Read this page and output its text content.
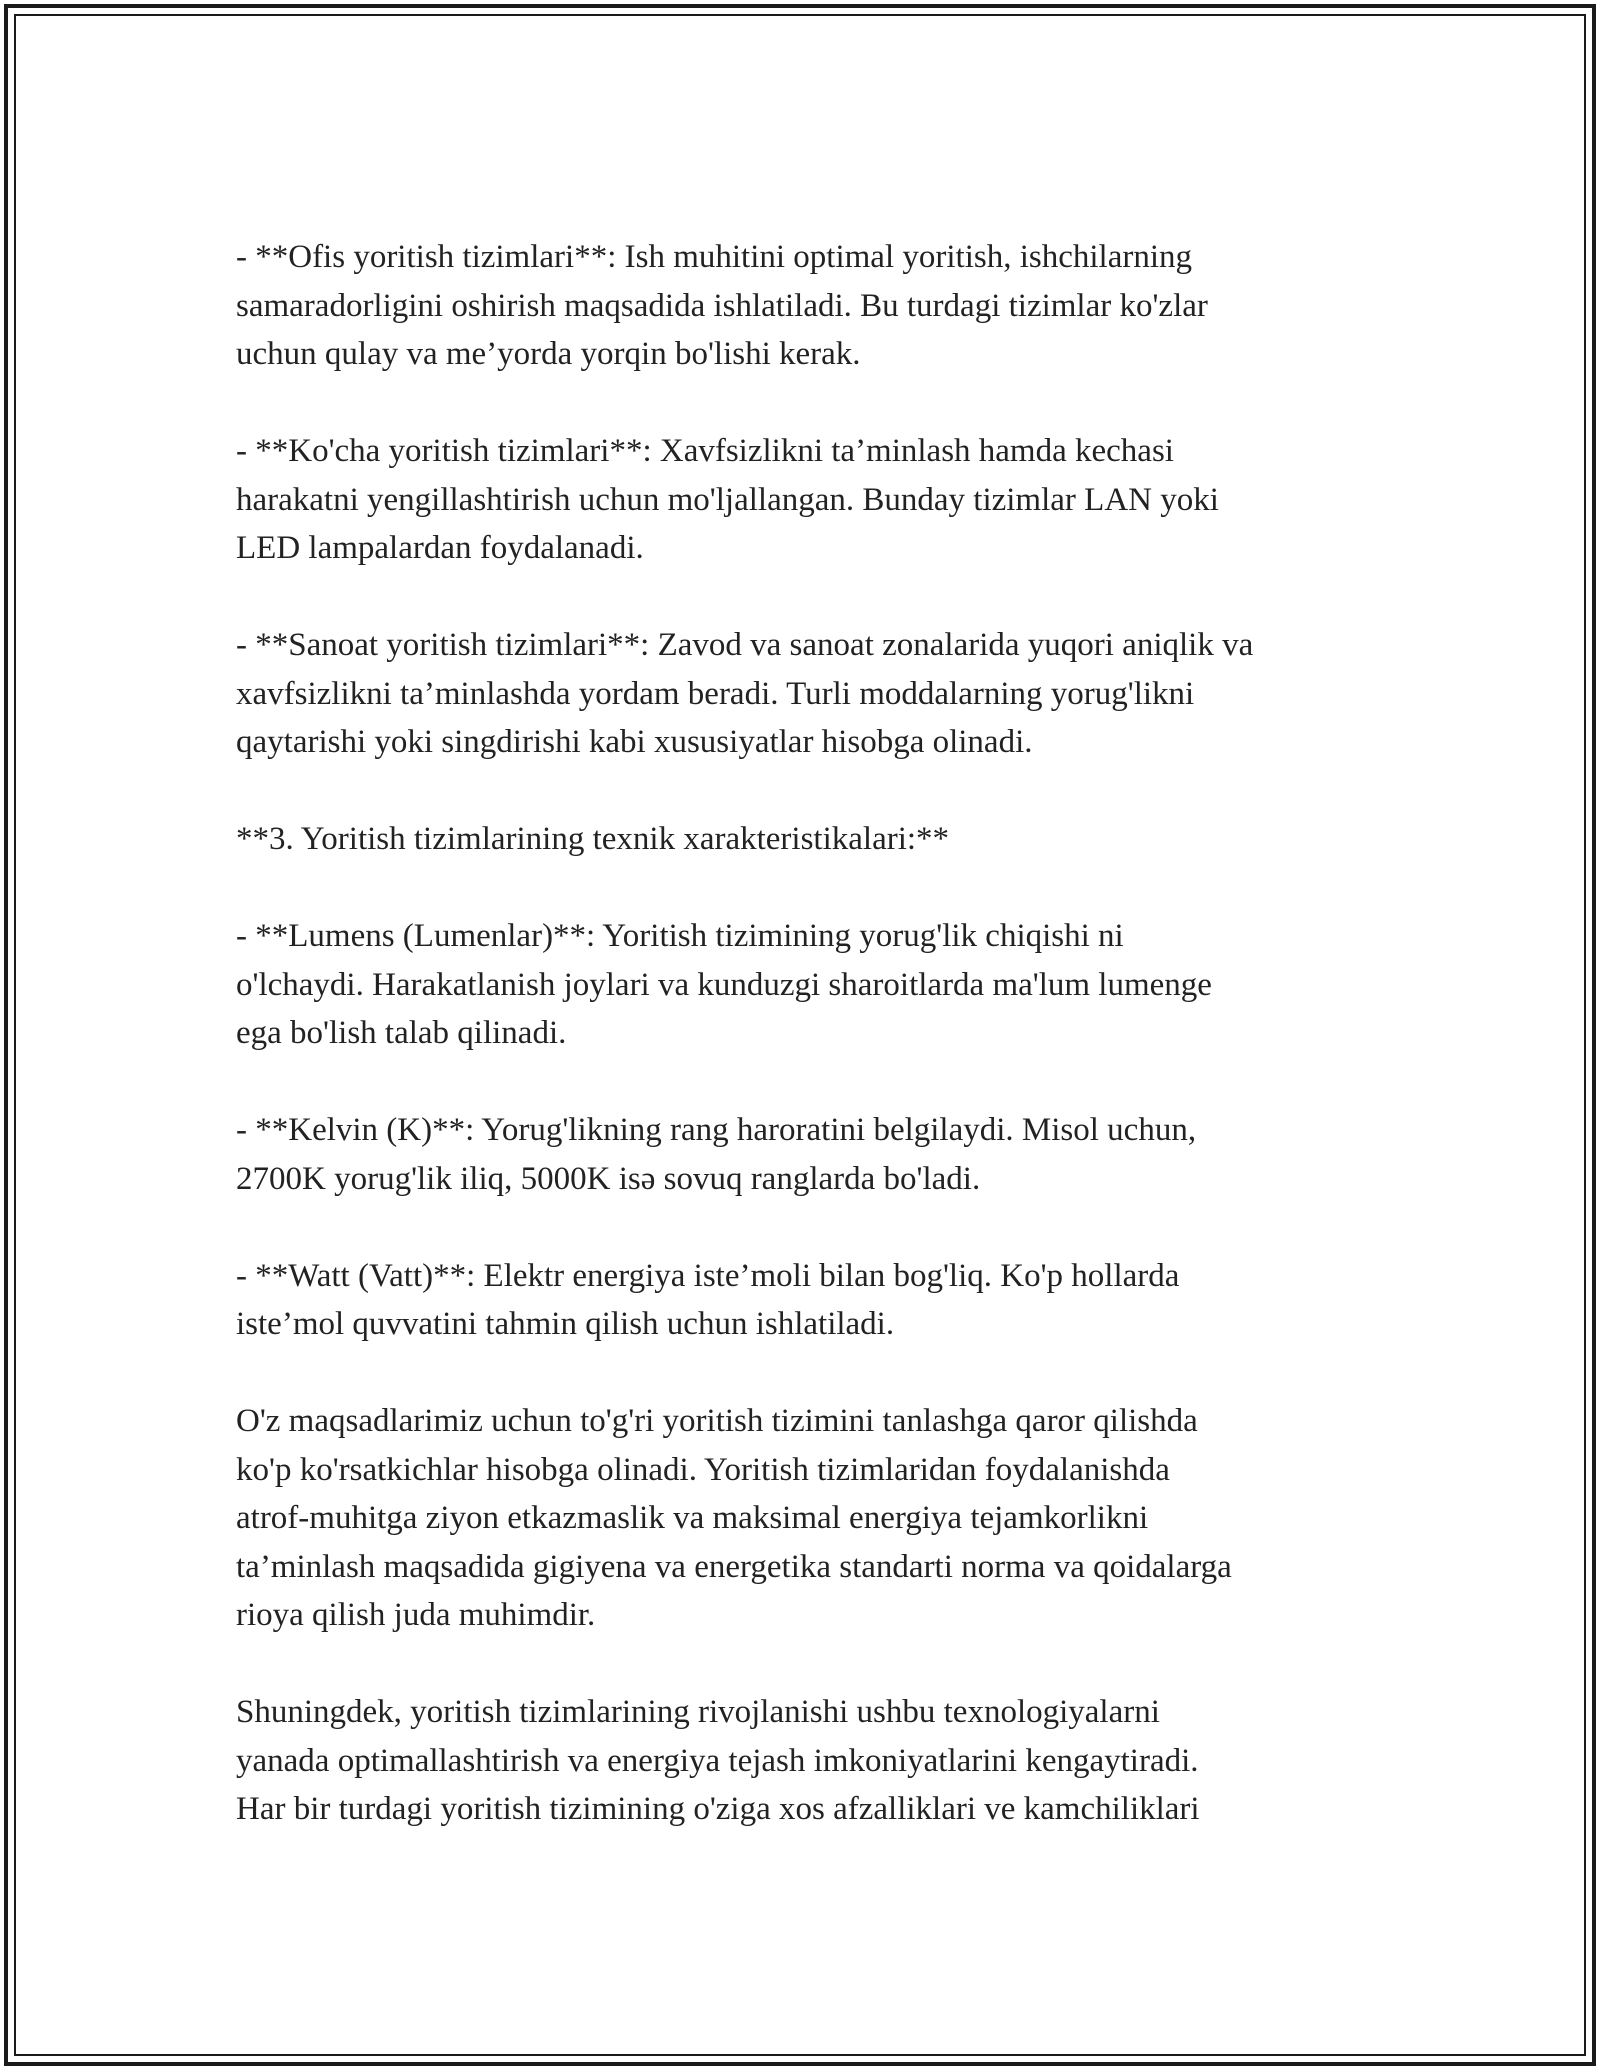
- **Ofis yoritish tizimlari**: Ish muhitini optimal yoritish, ishchilarning
samaradorligini oshirish maqsadida ishlatiladi. Bu turdagi tizimlar ko'zlar
uchun qulay va me’yorda yorqin bo'lishi kerak.

- **Ko'cha yoritish tizimlari**: Xavfsizlikni ta’minlash hamda kechasi
harakatni yengillashtirish uchun mo'ljallangan. Bunday tizimlar LAN yoki
LED lampalardan foydalanadi.

- **Sanoat yoritish tizimlari**: Zavod va sanoat zonalarida yuqori aniqlik va
xavfsizlikni ta’minlashda yordam beradi. Turli moddalarning yorug'likni
qaytarishi yoki singdirishi kabi xususiyatlar hisobga olinadi.

**3. Yoritish tizimlarining texnik xarakteristikalari:**

- **Lumens (Lumenlar)**: Yoritish tizimining yorug'lik chiqishi ni
o'lchaydi. Harakatlanish joylari va kunduzgi sharoitlarda ma'lum lumenge
ega bo'lish talab qilinadi.

- **Kelvin (K)**: Yorug'likning rang haroratini belgilaydi. Misol uchun,
2700K yorug'lik iliq, 5000K isə sovuq ranglarda bo'ladi.

- **Watt (Vatt)**: Elektr energiya iste’moli bilan bog'liq. Ko'p hollarda
iste’mol quvvatini tahmin qilish uchun ishlatiladi.

O'z maqsadlarimiz uchun to'g'ri yoritish tizimini tanlashga qaror qilishda
ko'p ko'rsatkichlar hisobga olinadi. Yoritish tizimlaridan foydalanishda
atrof-muhitga ziyon etkazmaslik va maksimal energiya tejamkorlikni
ta’minlash maqsadida gigiyena va energetika standarti norma va qoidalarga
rioya qilish juda muhimdir.

Shuningdek, yoritish tizimlarining rivojlanishi ushbu texnologiyalarni
yanada optimallashtirish va energiya tejash imkoniyatlarini kengaytiradi.
Har bir turdagi yoritish tizimining o'ziga xos afzalliklari ve kamchiliklari
